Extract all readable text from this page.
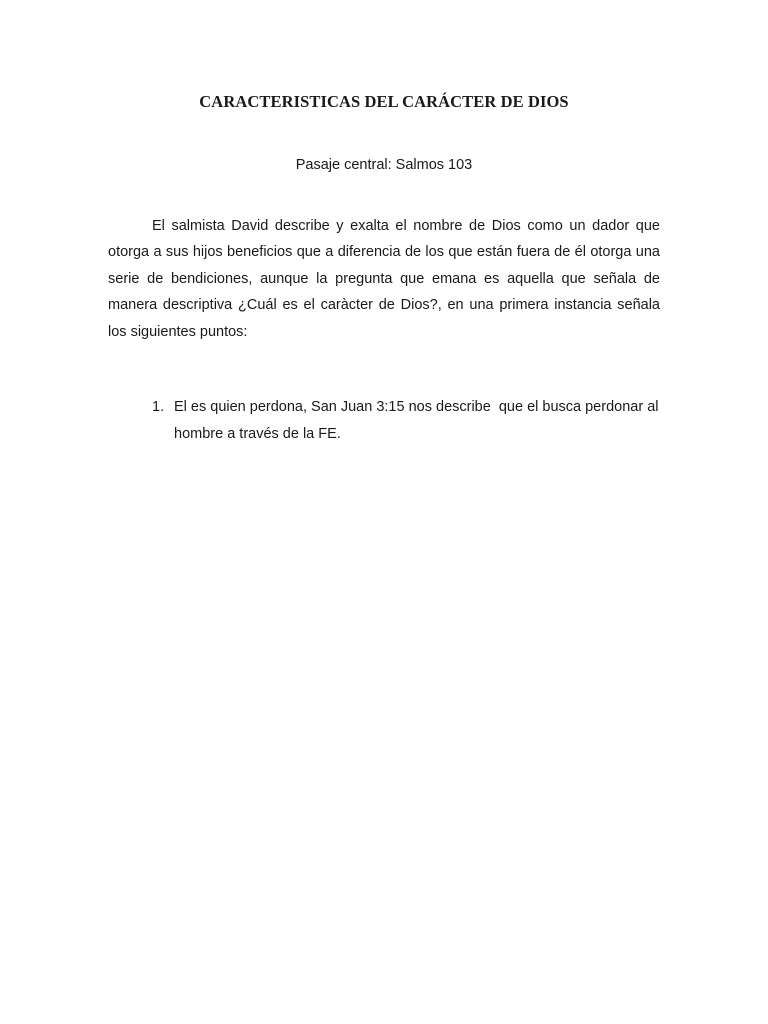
CARACTERISTICAS DEL CARÁCTER DE DIOS
Pasaje central: Salmos 103

El salmista David describe y exalta el nombre de Dios como un dador que otorga a sus hijos beneficios que a diferencia de los que están fuera de él otorga una serie de bendiciones, aunque la pregunta que emana es aquella que señala de manera descriptiva ¿Cuál es el caràcter de Dios?, en una primera instancia señala los siguientes puntos:

1. El es quien perdona, San Juan 3:15 nos describe  que el busca perdonar al hombre a través de la FE.
